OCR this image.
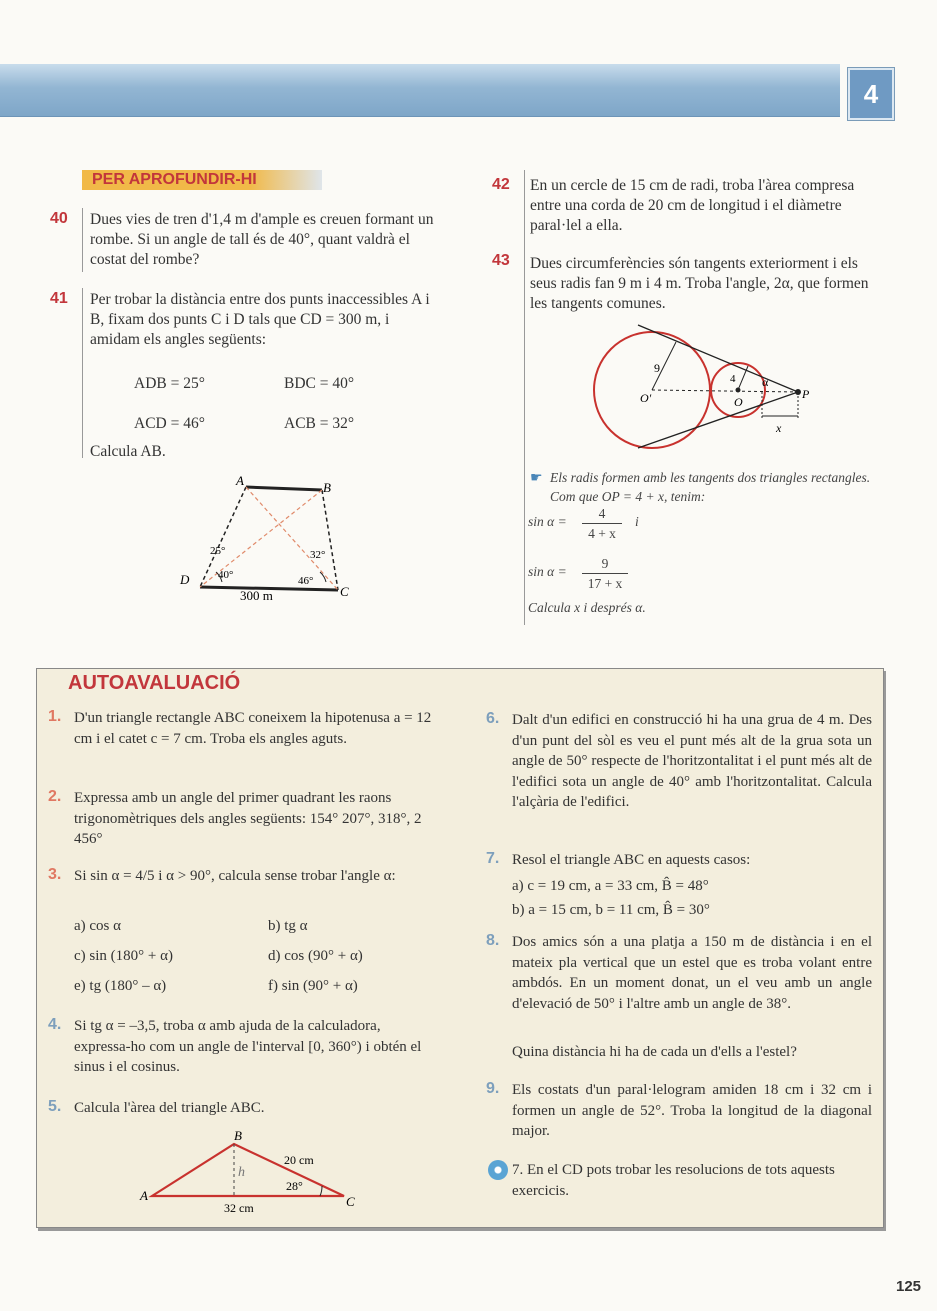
4
PER APROFUNDIR-HI
40 Dues vies de tren d'1,4 m d'ample es creuen formant un rombe. Si un angle de tall és de 40°, quant valdrà el costat del rombe?
41 Per trobar la distància entre dos punts inaccessibles A i B, fixam dos punts C i D tals que CD = 300 m, i amidam els angles següents:
ADB = 25°	BDC = 40°
ACD = 46°	ACB = 32°
Calcula AB.
A	B
C
D
300 m
25°
40°
32°
46°
42 En un cercle de 15 cm de radi, troba l'àrea compresa entre una corda de 20 cm de longitud i el diàmetre paral·lel a ella.
43 Dues circumferències són tangents exteriorment i els seus radis fan 9 m i 4 m. Troba l'angle, 2α, que formen les tangents comunes.
9
4
O'	O
P
x
α
☛ Els radis formen amb les tangents dos triangles rectangles. Com que OP = 4 + x, tenim:
sin α =
4
4 + x
i
sin α =
9
17 + x
Calcula x i després α.
AUTOAVALUACIÓ
1. D'un triangle rectangle ABC coneixem la hipotenusa a = 12 cm i el catet c = 7 cm. Troba els angles aguts.
2. Expressa amb un angle del primer quadrant les raons trigonomètriques dels angles següents: 154° 207°, 318°, 2 456°
3. Si sin α = 4/5 i α > 90°, calcula sense trobar l'angle α:
a) cos α	b) tg α
c) sin (180° + α)	d) cos (90° + α)
e) tg (180° – α)	f) sin (90° + α)
4. Si tg α = –3,5, troba α amb ajuda de la calculadora, expressa-ho com un angle de l'interval [0, 360°) i obtén el sinus i el cosinus.
5. Calcula l'àrea del triangle ABC.
B
A	C
20 cm
28°
32 cm
h
6. Dalt d'un edifici en construcció hi ha una grua de 4 m. Des d'un punt del sòl es veu el punt més alt de la grua sota un angle de 50° respecte de l'horitzontalitat i el punt més alt de l'edifici sota un angle de 40° amb l'horitzontalitat. Calcula l'alçària de l'edifici.
7. Resol el triangle ABC en aquests casos:
a) c = 19 cm, a = 33 cm, B̂ = 48°
b) a = 15 cm, b = 11 cm, B̂ = 30°
8. Dos amics són a una platja a 150 m de distància i en el mateix pla vertical que un estel que es troba volant entre ambdós. En un moment donat, un el veu amb un angle d'elevació de 50° i l'altre amb un angle de 38°.
Quina distància hi ha de cada un d'ells a l'estel?
9. Els costats d'un paral·lelogram amiden 18 cm i 32 cm i formen un angle de 52°. Troba la longitud de la diagonal major.
7. En el CD pots trobar les resolucions de tots aquests exercicis.
125
